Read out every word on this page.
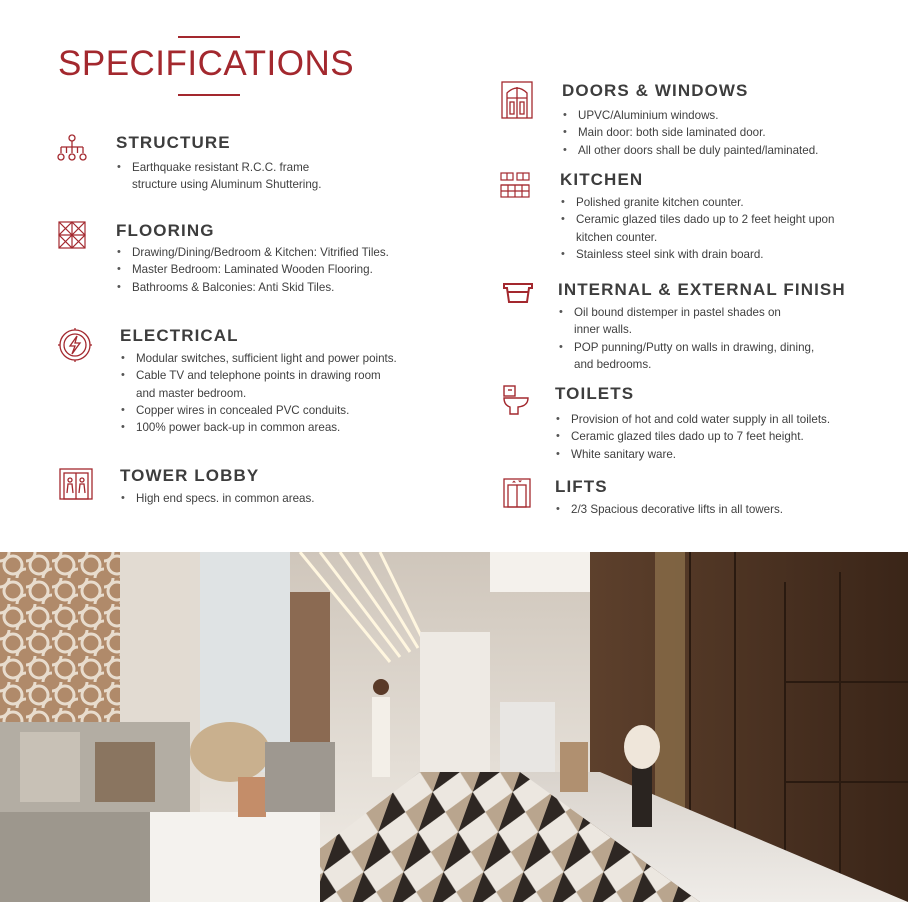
SPECIFICATIONS
STRUCTURE
• Earthquake resistant R.C.C. frame
structure using Aluminum Shuttering.
FLOORING
• Drawing/Dining/Bedroom & Kitchen: Vitrified Tiles.
• Master Bedroom: Laminated Wooden Flooring.
• Bathrooms & Balconies: Anti Skid Tiles.
ELECTRICAL
• Modular switches, sufficient light and power points.
• Cable TV and telephone points in drawing room
and master bedroom.
• Copper wires in concealed PVC conduits.
• 100% power back-up in common areas.
TOWER LOBBY
• High end specs. in common areas.
DOORS & WINDOWS
• UPVC/Aluminium windows.
• Main door: both side laminated door.
• All other doors shall be duly painted/laminated.
KITCHEN
• Polished granite kitchen counter.
• Ceramic glazed tiles dado up to 2 feet height upon
kitchen counter.
• Stainless steel sink with drain board.
INTERNAL & EXTERNAL FINISH
• Oil bound distemper in pastel shades on
inner walls.
• POP punning/Putty on walls in drawing, dining,
and bedrooms.
TOILETS
• Provision of hot and cold water supply in all toilets.
• Ceramic glazed tiles dado up to 7 feet height.
• White sanitary ware.
LIFTS
• 2/3 Spacious decorative lifts in all towers.
